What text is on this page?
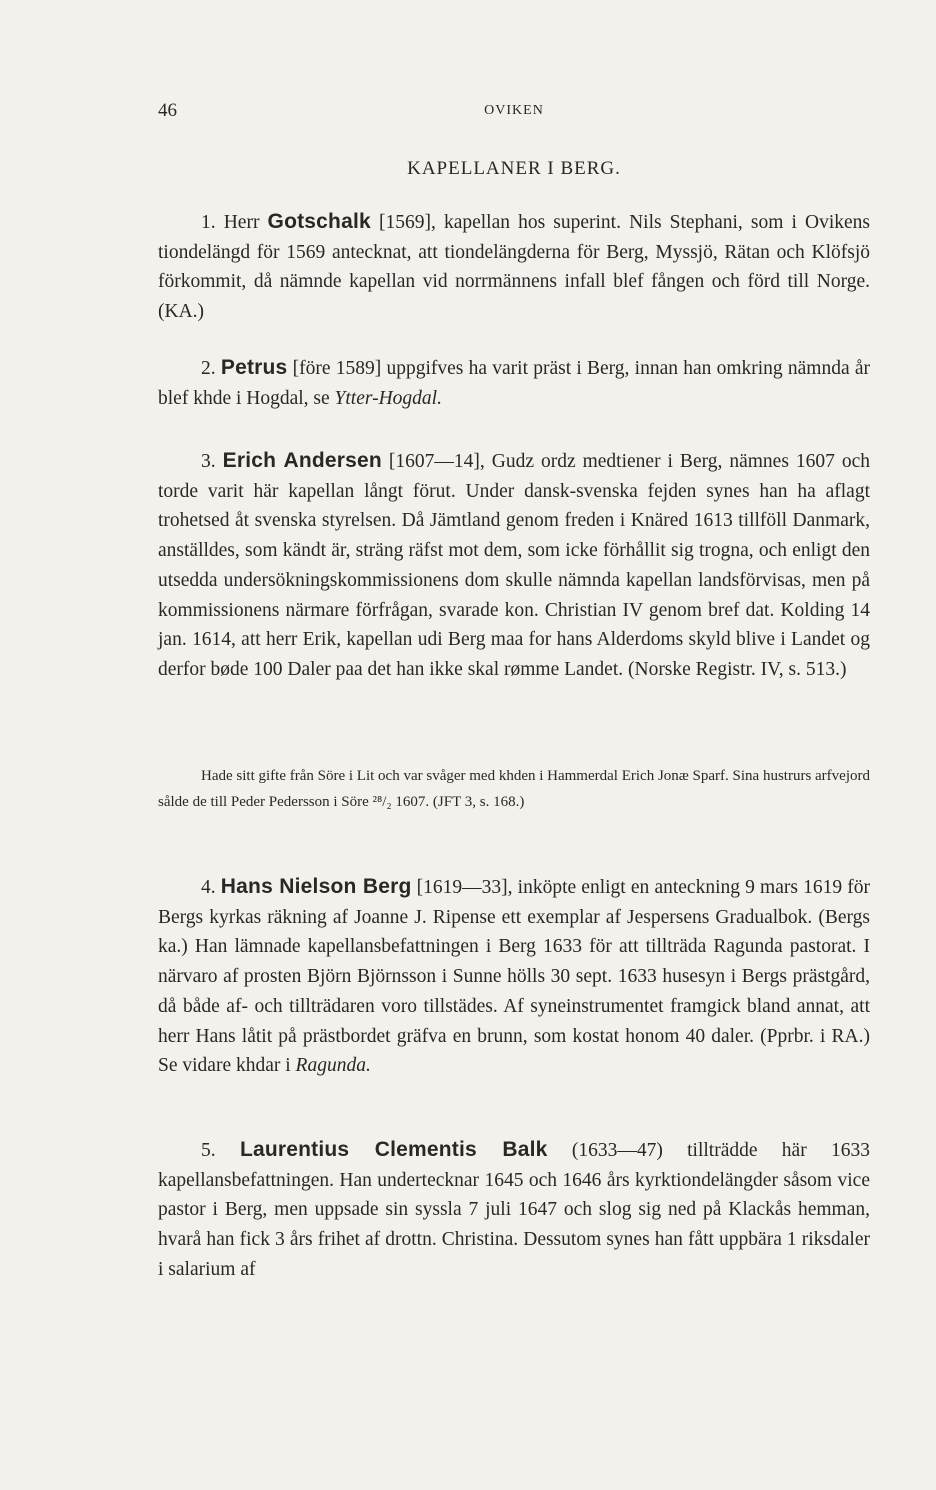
46	OVIKEN
KAPELLANER I BERG.

1. Herr Gotschalk [1569], kapellan hos superint. Nils Stephani, som i Ovikens tiondelängd för 1569 antecknat, att tiondelängderna för Berg, Myssjö, Rätan och Klöfsjö förkommit, då nämnde kapellan vid norrmännens infall blef fången och förd till Norge. (KA.)

2. Petrus [före 1589] uppgifves ha varit präst i Berg, innan han omkring nämnda år blef khde i Hogdal, se Ytter-Hogdal.

3. Erich Andersen [1607—14], Gudz ordz medtiener i Berg, nämnes 1607 och torde varit här kapellan långt förut. Under dansk-svenska fejden synes han ha aflagt trohetsed åt svenska styrelsen. Då Jämtland genom freden i Knäred 1613 tillföll Danmark, anställdes, som kändt är, sträng räfst mot dem, som icke förhållit sig trogna, och enligt den utsedda undersökningskommissionens dom skulle nämnda kapellan landsförvisas, men på kommissionens närmare förfrågan, svarade kon. Christian IV genom bref dat. Kolding 14 jan. 1614, att herr Erik, kapellan udi Berg maa for hans Alderdoms skyld blive i Landet og derfor bøde 100 Daler paa det han ikke skal rømme Landet. (Norske Registr. IV, s. 513.)

Hade sitt gifte från Söre i Lit och var svåger med khden i Hammerdal Erich Jonæ Sparf. Sina hustrurs arfvejord sålde de till Peder Pedersson i Söre ²⁸/₂ 1607. (JFT 3, s. 168.)

4. Hans Nielson Berg [1619—33], inköpte enligt en anteckning 9 mars 1619 för Bergs kyrkas räkning af Joanne J. Ripense ett exemplar af Jespersens Gradualbok. (Bergs ka.) Han lämnade kapellansbefattningen i Berg 1633 för att tillträda Ragunda pastorat. I närvaro af prosten Björn Björnsson i Sunne hölls 30 sept. 1633 husesyn i Bergs prästgård, då både af- och tillträdaren voro tillstädes. Af syneinstrumentet framgick bland annat, att herr Hans låtit på prästbordet gräfva en brunn, som kostat honom 40 daler. (Pprbr. i RA.) Se vidare khdar i Ragunda.

5. Laurentius Clementis Balk (1633—47) tillträdde här 1633 kapellansbefattningen. Han undertecknar 1645 och 1646 års kyrktiondelängder såsom vice pastor i Berg, men uppsade sin syssla 7 juli 1647 och slog sig ned på Klackås hemman, hvarå han fick 3 års frihet af drottn. Christina. Dessutom synes han fått uppbära 1 riksdaler i salarium af
